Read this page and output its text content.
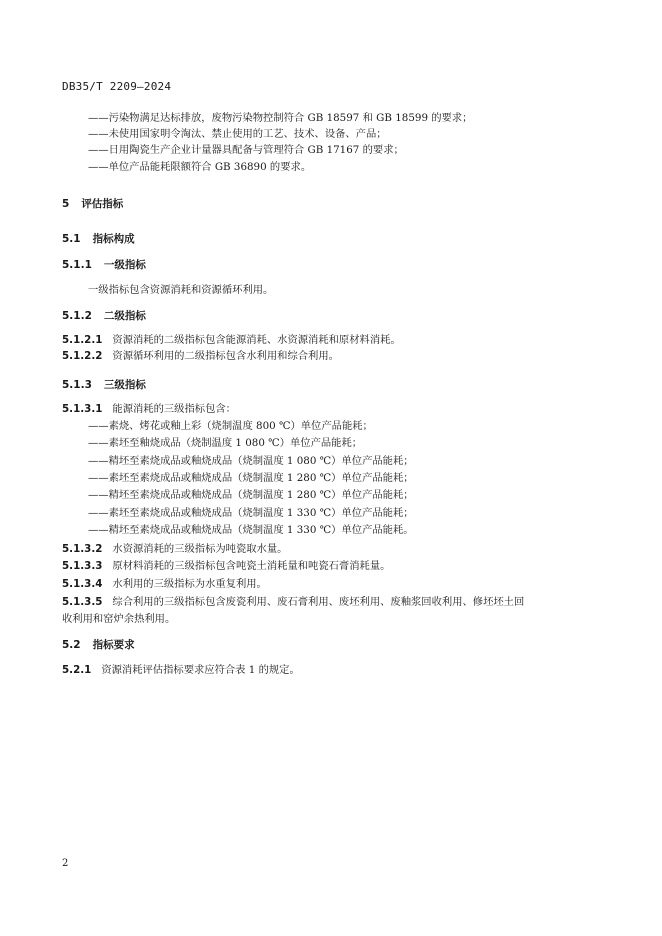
DB35/T 2209—2024
——污染物满足达标排放，废物污染物控制符合 GB 18597 和 GB 18599 的要求；
——未使用国家明令淘汰、禁止使用的工艺、技术、设备、产品；
——日用陶瓷生产企业计量器具配备与管理符合 GB 17167 的要求；
——单位产品能耗限额符合 GB 36890 的要求。
5 评估指标
5.1 指标构成
5.1.1 一级指标
一级指标包含资源消耗和资源循环利用。
5.1.2 二级指标
5.1.2.1 资源消耗的二级指标包含能源消耗、水资源消耗和原材料消耗。
5.1.2.2 资源循环利用的二级指标包含水利用和综合利用。
5.1.3 三级指标
5.1.3.1 能源消耗的三级指标包含：
——素烧、烤花或釉上彩（烧制温度 800 ℃）单位产品能耗；
——素坯至釉烧成品（烧制温度 1 080 ℃）单位产品能耗；
——精坯至素烧成品或釉烧成品（烧制温度 1 080 ℃）单位产品能耗；
——素坯至素烧成品或釉烧成品（烧制温度 1 280 ℃）单位产品能耗；
——精坯至素烧成品或釉烧成品（烧制温度 1 280 ℃）单位产品能耗；
——素坯至素烧成品或釉烧成品（烧制温度 1 330 ℃）单位产品能耗；
——精坯至素烧成品或釉烧成品（烧制温度 1 330 ℃）单位产品能耗。
5.1.3.2 水资源消耗的三级指标为吨瓷取水量。
5.1.3.3 原材料消耗的三级指标包含吨瓷土消耗量和吨瓷石膏消耗量。
5.1.3.4 水利用的三级指标为水重复利用。
5.1.3.5 综合利用的三级指标包含废瓷利用、废石膏利用、废坯利用、废釉浆回收利用、修坯坯土回
收利用和窑炉余热利用。
5.2 指标要求
5.2.1 资源消耗评估指标要求应符合表 1 的规定。
2
